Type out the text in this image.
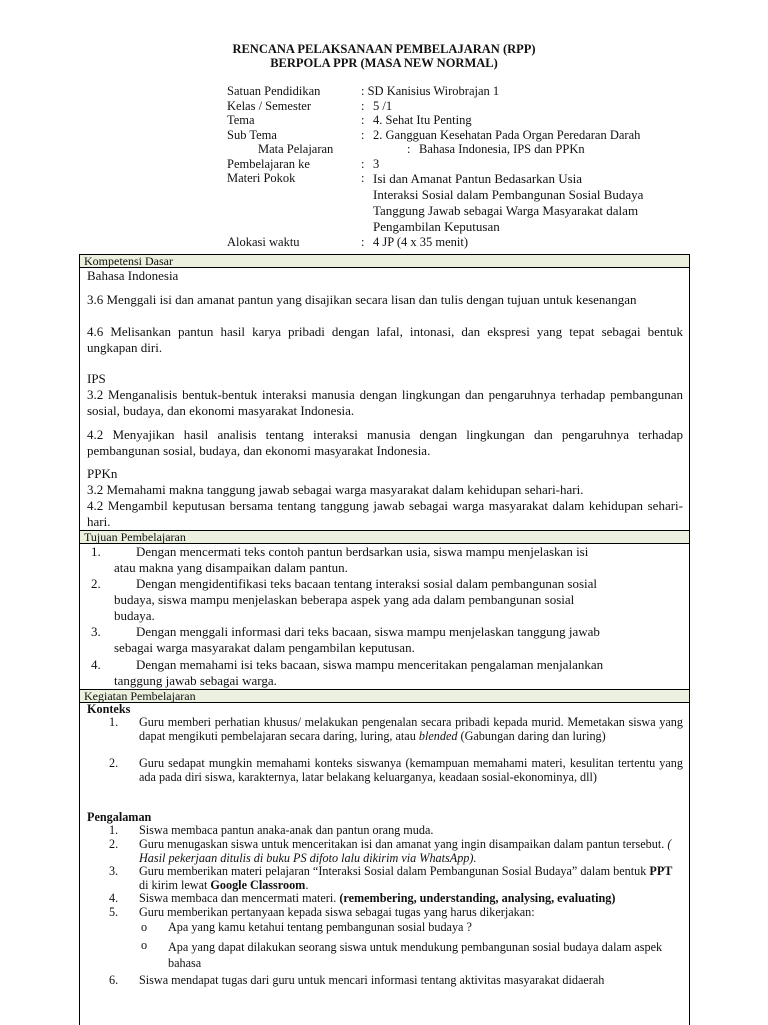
RENCANA PELAKSANAAN PEMBELAJARAN (RPP)
BERPOLA PPR (MASA NEW NORMAL)
Satuan Pendidikan	: SD Kanisius Wirobrajan 1
Kelas / Semester	: 5 /1
Tema	: 4. Sehat Itu Penting
Sub Tema	: 2. Gangguan Kesehatan Pada Organ Peredaran Darah
Mata Pelajaran	: Bahasa Indonesia, IPS dan PPKn
Pembelajaran ke	: 3
Materi Pokok	: Isi dan Amanat Pantun Bedasarkan Usia
Interaksi Sosial dalam Pembangunan Sosial Budaya
Tanggung Jawab sebagai Warga Masyarakat dalam
Pengambilan Keputusan
Alokasi waktu	: 4 JP (4 x 35 menit)
Kompetensi Dasar
Bahasa Indonesia
3.6 Menggali isi dan amanat pantun yang disajikan secara lisan dan tulis dengan tujuan untuk kesenangan
4.6 Melisankan pantun hasil karya pribadi dengan lafal, intonasi, dan ekspresi yang tepat sebagai bentuk ungkapan diri.
IPS
3.2 Menganalisis bentuk-bentuk interaksi manusia dengan lingkungan dan pengaruhnya terhadap pembangunan sosial, budaya, dan ekonomi masyarakat Indonesia.
4.2 Menyajikan hasil analisis tentang interaksi manusia dengan lingkungan dan pengaruhnya terhadap pembangunan sosial, budaya, dan ekonomi masyarakat Indonesia.
PPKn
3.2 Memahami makna tanggung jawab sebagai warga masyarakat dalam kehidupan sehari-hari.
4.2 Mengambil keputusan bersama tentang tanggung jawab sebagai warga masyarakat dalam kehidupan sehari-hari.
Tujuan Pembelajaran
1.	Dengan mencermati teks contoh pantun berdsarkan usia, siswa mampu menjelaskan isi
atau makna yang disampaikan dalam pantun.
2.	Dengan mengidentifikasi teks bacaan tentang interaksi sosial dalam pembangunan sosial
budaya, siswa mampu menjelaskan beberapa aspek yang ada dalam pembangunan sosial
budaya.
3.	Dengan menggali informasi dari teks bacaan, siswa mampu menjelaskan tanggung jawab
sebagai warga masyarakat dalam pengambilan keputusan.
4.	Dengan memahami isi teks bacaan, siswa mampu menceritakan pengalaman menjalankan
tanggung jawab sebagai warga.
Kegiatan Pembelajaran
Konteks
1. Guru memberi perhatian khusus/ melakukan pengenalan secara pribadi kepada murid. Memetakan siswa yang dapat mengikuti pembelajaran secara daring, luring, atau blended (Gabungan daring dan luring)
2. Guru sedapat mungkin memahami konteks siswanya (kemampuan memahami materi, kesulitan tertentu yang ada pada diri siswa, karakternya, latar belakang keluarganya, keadaan sosial-ekonominya, dll)
Pengalaman
1. Siswa membaca pantun anaka-anak dan pantun orang muda.
2. Guru menugaskan siswa untuk menceritakan isi dan amanat yang ingin disampaikan dalam pantun tersebut. ( Hasil pekerjaan ditulis di buku PS difoto lalu dikirim via WhatsApp).
3. Guru memberikan materi pelajaran “Interaksi Sosial dalam Pembangunan Sosial Budaya” dalam bentuk PPT di kirim lewat Google Classroom.
4. Siswa membaca dan mencermati materi. (remembering, understanding, analysing, evaluating)
5. Guru memberikan pertanyaan kepada siswa sebagai tugas yang harus dikerjakan:
o Apa yang kamu ketahui tentang pembangunan sosial budaya ?
o Apa yang dapat dilakukan seorang siswa untuk mendukung pembangunan sosial budaya dalam aspek bahasa
6. Siswa mendapat tugas dari guru untuk mencari informasi tentang aktivitas masyarakat didaerah
